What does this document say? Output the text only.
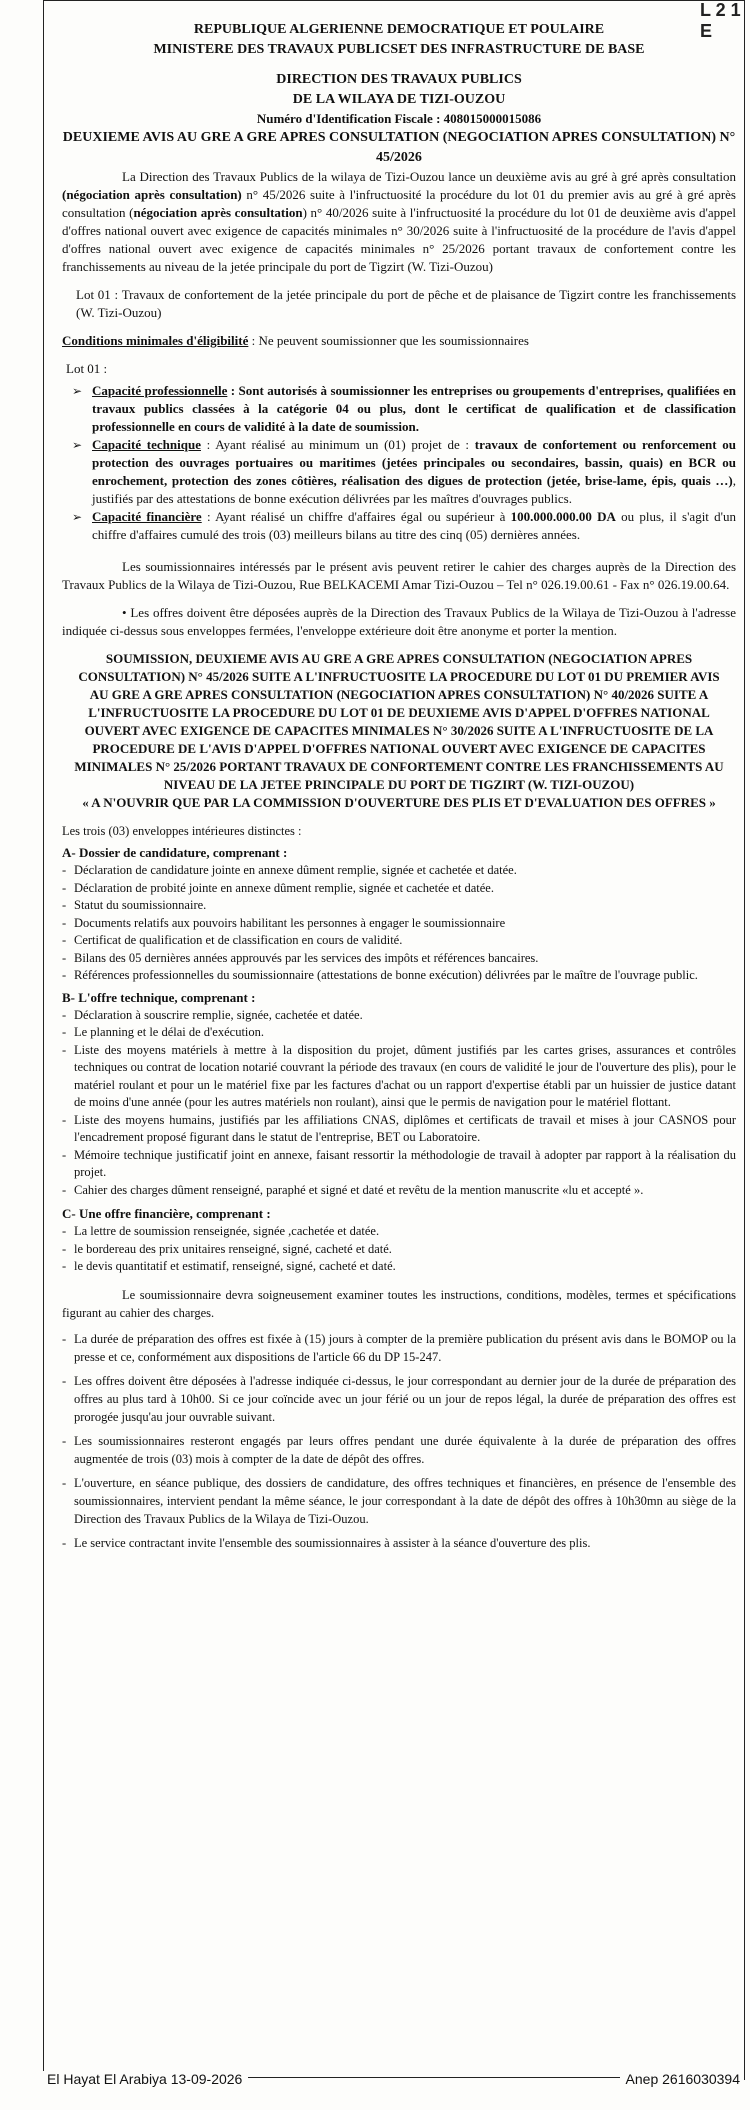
L 2 1 E

REPUBLIQUE ALGERIENNE DEMOCRATIQUE ET POULAIRE

MINISTERE DES TRAVAUX PUBLICSET DES INFRASTRUCTURE DE BASE

DIRECTION DES TRAVAUX PUBLICS

DE LA WILAYA DE TIZI-OUZOU

Numéro d'Identification Fiscale : 408015000015086

DEUXIEME AVIS AU GRE A GRE APRES CONSULTATION (NEGOCIATION APRES CONSULTATION) N° 45/2026

La Direction des Travaux Publics de la wilaya de Tizi-Ouzou lance un deuxième avis au gré à gré après consultation (négociation après consultation) n° 45/2026 suite à l'infructuosité la procédure du lot 01 du premier avis au gré à gré après consultation (négociation après consultation) n° 40/2026 suite à l'infructuosité la procédure du lot 01 de deuxième avis d'appel d'offres national ouvert avec exigence de capacités minimales n° 30/2026 suite à l'infructuosité de la procédure de l'avis d'appel d'offres national ouvert avec exigence de capacités minimales n° 25/2026 portant travaux de confortement contre les franchissements au niveau de la jetée principale du port de Tigzirt (W. Tizi-Ouzou)

Lot 01 : Travaux de confortement de la jetée principale du port de pêche et de plaisance de Tigzirt contre les franchissements (W. Tizi-Ouzou)

Conditions minimales d'éligibilité : Ne peuvent soumissionner que les soumissionnaires

Lot 01 :

➢ Capacité professionnelle : Sont autorisés à soumissionner les entreprises ou groupements d'entreprises, qualifiées en travaux publics classées à la catégorie 04 ou plus, dont le certificat de qualification et de classification professionnelle en cours de validité à la date de soumission.

➢ Capacité technique : Ayant réalisé au minimum un (01) projet de : travaux de confortement ou renforcement ou protection des ouvrages portuaires ou maritimes (jetées principales ou secondaires, bassin, quais) en BCR ou enrochement, protection des zones côtières, réalisation des digues de protection (jetée, brise-lame, épis, quais …), justifiés par des attestations de bonne exécution délivrées par les maîtres d'ouvrages publics.

➢ Capacité financière : Ayant réalisé un chiffre d'affaires égal ou supérieur à 100.000.000.00 DA ou plus, il s'agit d'un chiffre d'affaires cumulé des trois (03) meilleurs bilans au titre des cinq (05) dernières années.

Les soumissionnaires intéressés par le présent avis peuvent retirer le cahier des charges auprès de la Direction des Travaux Publics de la Wilaya de Tizi-Ouzou, Rue BELKACEMI Amar Tizi-Ouzou – Tel n° 026.19.00.61 - Fax n° 026.19.00.64.

• Les offres doivent être déposées auprès de la Direction des Travaux Publics de la Wilaya de Tizi-Ouzou à l'adresse indiquée ci-dessus sous enveloppes fermées, l'enveloppe extérieure doit être anonyme et porter la mention.

SOUMISSION, DEUXIEME AVIS AU GRE A GRE APRES CONSULTATION (NEGOCIATION APRES CONSULTATION) N° 45/2026 SUITE A L'INFRUCTUOSITE LA PROCEDURE DU LOT 01 DU PREMIER AVIS AU GRE A GRE APRES CONSULTATION (NEGOCIATION APRES CONSULTATION) N° 40/2026 SUITE A L'INFRUCTUOSITE LA PROCEDURE DU LOT 01 DE DEUXIEME AVIS D'APPEL D'OFFRES NATIONAL OUVERT AVEC EXIGENCE DE CAPACITES MINIMALES N° 30/2026 SUITE A L'INFRUCTUOSITE DE LA PROCEDURE DE L'AVIS D'APPEL D'OFFRES NATIONAL OUVERT AVEC EXIGENCE DE CAPACITES MINIMALES N° 25/2026 PORTANT TRAVAUX DE CONFORTEMENT CONTRE LES FRANCHISSEMENTS AU NIVEAU DE LA JETEE PRINCIPALE DU PORT DE TIGZIRT (W. TIZI-OUZOU)

« A N'OUVRIR QUE PAR LA COMMISSION D'OUVERTURE DES PLIS ET D'EVALUATION DES OFFRES »

Les trois (03) enveloppes intérieures distinctes :

A- Dossier de candidature, comprenant :

- Déclaration de candidature jointe en annexe dûment remplie, signée et cachetée et datée.

- Déclaration de probité jointe en annexe dûment remplie, signée et cachetée et datée.

- Statut du soumissionnaire.

- Documents relatifs aux pouvoirs habilitant les personnes à engager le soumissionnaire

- Certificat de qualification et de classification en cours de validité.

- Bilans des 05 dernières années approuvés par les services des impôts et références bancaires.

- Références professionnelles du soumissionnaire (attestations de bonne exécution) délivrées par le maître de l'ouvrage public.

B- L'offre technique, comprenant :

- Déclaration à souscrire remplie, signée, cachetée et datée.

- Le planning et le délai de d'exécution.

- Liste des moyens matériels à mettre à la disposition du projet, dûment justifiés par les cartes grises, assurances et contrôles techniques ou contrat de location notarié couvrant la période des travaux (en cours de validité le jour de l'ouverture des plis), pour le matériel roulant et pour un le matériel fixe par les factures d'achat ou un rapport d'expertise établi par un huissier de justice datant de moins d'une année (pour les autres matériels non roulant), ainsi que le permis de navigation pour le matériel flottant.

- Liste des moyens humains, justifiés par les affiliations CNAS, diplômes et certificats de travail et mises à jour CASNOS pour l'encadrement proposé figurant dans le statut de l'entreprise, BET ou Laboratoire.

- Mémoire technique justificatif joint en annexe, faisant ressortir la méthodologie de travail à adopter par rapport à la réalisation du projet.

- Cahier des charges dûment renseigné, paraphé et signé et daté et revêtu de la mention manuscrite «lu et accepté ».

C- Une offre financière, comprenant :

- La lettre de soumission renseignée, signée ,cachetée et datée.

- le bordereau des prix unitaires renseigné, signé, cacheté et daté.

- le devis quantitatif et estimatif, renseigné, signé, cacheté et daté.

Le soumissionnaire devra soigneusement examiner toutes les instructions, conditions, modèles, termes et spécifications figurant au cahier des charges.

- La durée de préparation des offres est fixée à (15) jours à compter de la première publication du présent avis dans le BOMOP ou la presse et ce, conformément aux dispositions de l'article 66 du DP 15-247.

- Les offres doivent être déposées à l'adresse indiquée ci-dessus, le jour correspondant au dernier jour de la durée de préparation des offres au plus tard à 10h00. Si ce jour coïncide avec un jour férié ou un jour de repos légal, la durée de préparation des offres est prorogée jusqu'au jour ouvrable suivant.

- Les soumissionnaires resteront engagés par leurs offres pendant une durée équivalente à la durée de préparation des offres augmentée de trois (03) mois à compter de la date de dépôt des offres.

- L'ouverture, en séance publique, des dossiers de candidature, des offres techniques et financières, en présence de l'ensemble des soumissionnaires, intervient pendant la même séance, le jour correspondant à la date de dépôt des offres à 10h30mn au siège de la Direction des Travaux Publics de la Wilaya de Tizi-Ouzou.

- Le service contractant invite l'ensemble des soumissionnaires à assister à la séance d'ouverture des plis.

El Hayat El Arabiya 13-09-2026	Anep 2616030394
